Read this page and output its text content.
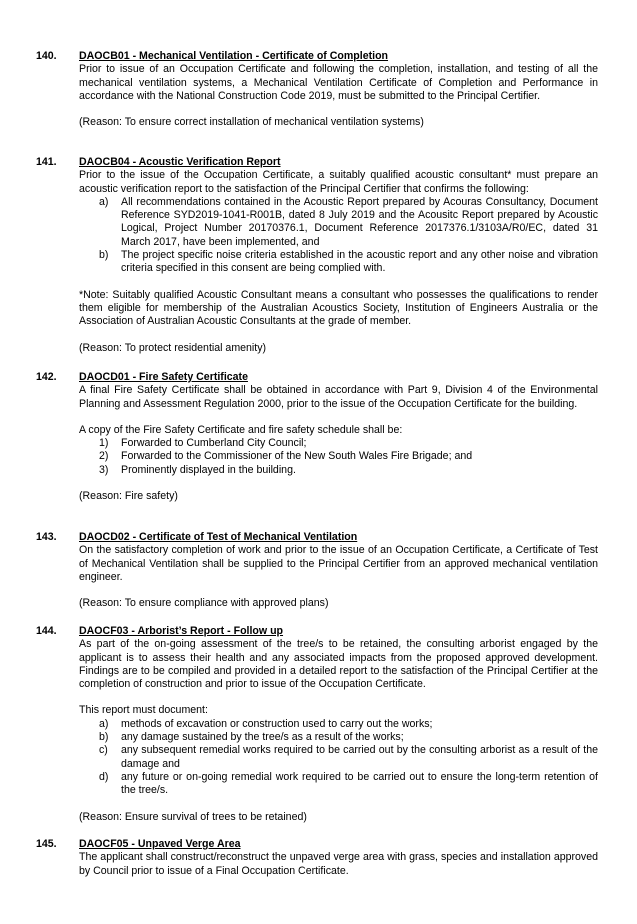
140. DAOCB01 - Mechanical Ventilation - Certificate of Completion

Prior to issue of an Occupation Certificate and following the completion, installation, and testing of all the mechanical ventilation systems, a Mechanical Ventilation Certificate of Completion and Performance in accordance with the National Construction Code 2019, must be submitted to the Principal Certifier.

(Reason: To ensure correct installation of mechanical ventilation systems)

141. DAOCB04 - Acoustic Verification Report

Prior to the issue of the Occupation Certificate, a suitably qualified acoustic consultant* must prepare an acoustic verification report to the satisfaction of the Principal Certifier that confirms the following:

a) All recommendations contained in the Acoustic Report prepared by Acouras Consultancy, Document Reference SYD2019-1041-R001B, dated 8 July 2019 and the Acousitc Report prepared by Acoustic Logical, Project Number 20170376.1, Document Reference 2017376.1/3103A/R0/EC, dated 31 March 2017, have been implemented, and
b) The project specific noise criteria established in the acoustic report and any other noise and vibration criteria specified in this consent are being complied with.

*Note: Suitably qualified Acoustic Consultant means a consultant who possesses the qualifications to render them eligible for membership of the Australian Acoustics Society, Institution of Engineers Australia or the Association of Australian Acoustic Consultants at the grade of member.

(Reason: To protect residential amenity)

142. DAOCD01 - Fire Safety Certificate

A final Fire Safety Certificate shall be obtained in accordance with Part 9, Division 4 of the Environmental Planning and Assessment Regulation 2000, prior to the issue of the Occupation Certificate for the building.

A copy of the Fire Safety Certificate and fire safety schedule shall be:

1) Forwarded to Cumberland City Council;
2) Forwarded to the Commissioner of the New South Wales Fire Brigade; and
3) Prominently displayed in the building.

(Reason: Fire safety)

143. DAOCD02 - Certificate of Test of Mechanical Ventilation

On the satisfactory completion of work and prior to the issue of an Occupation Certificate, a Certificate of Test of Mechanical Ventilation shall be supplied to the Principal Certifier from an approved mechanical ventilation engineer.

(Reason: To ensure compliance with approved plans)

144. DAOCF03 - Arborist’s Report - Follow up

As part of the on-going assessment of the tree/s to be retained, the consulting arborist engaged by the applicant is to assess their health and any associated impacts from the proposed approved development. Findings are to be compiled and provided in a detailed report to the satisfaction of the Principal Certifier at the completion of construction and prior to issue of the Occupation Certificate.

This report must document:

a) methods of excavation or construction used to carry out the works;
b) any damage sustained by the tree/s as a result of the works;
c) any subsequent remedial works required to be carried out by the consulting arborist as a result of the damage and
d) any future or on-going remedial work required to be carried out to ensure the long-term retention of the tree/s.

(Reason: Ensure survival of trees to be retained)

145. DAOCF05 - Unpaved Verge Area

The applicant shall construct/reconstruct the unpaved verge area with grass, species and installation approved by Council prior to issue of a Final Occupation Certificate.
